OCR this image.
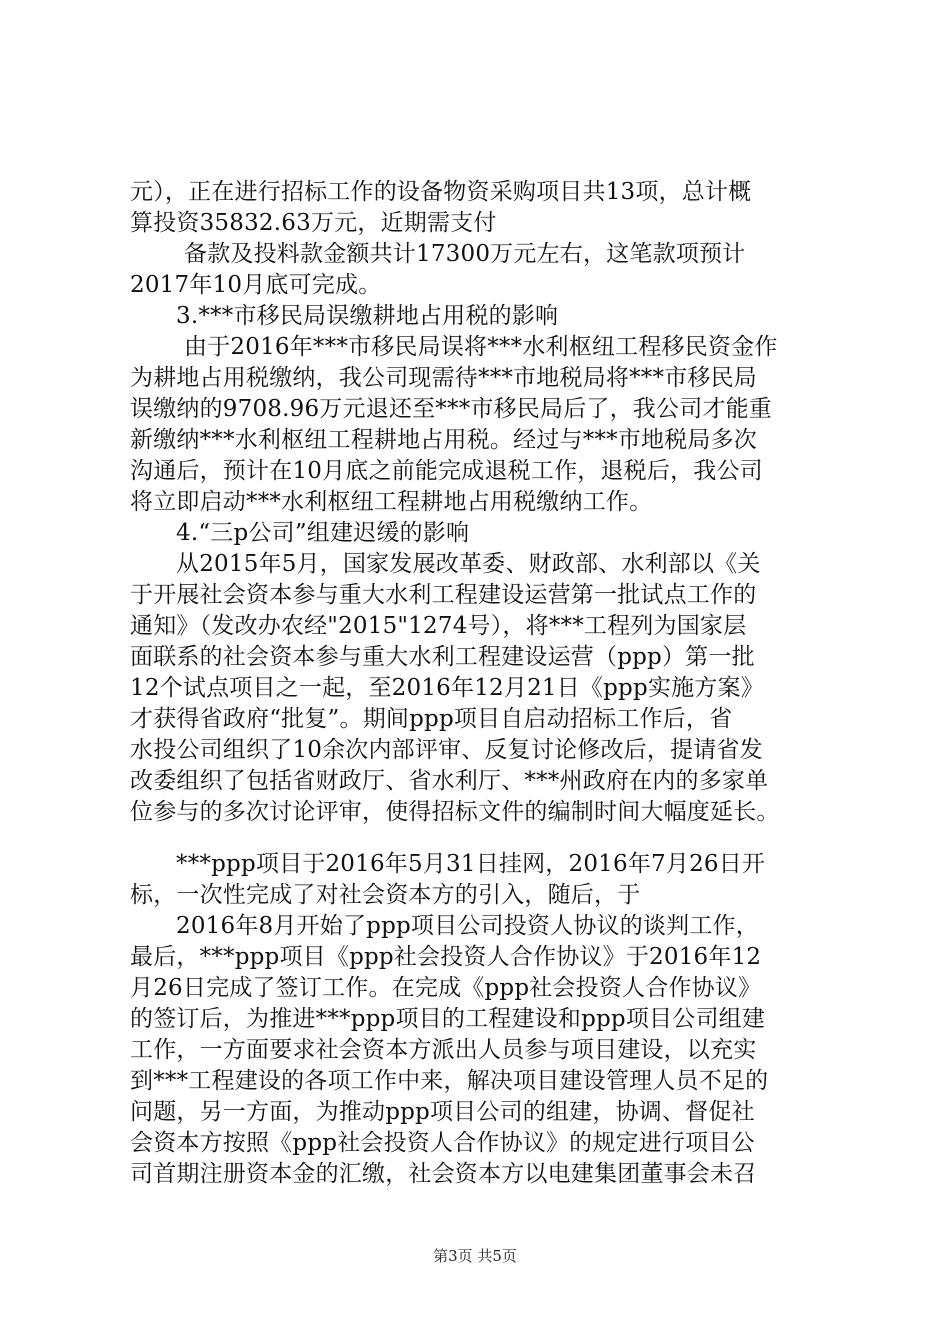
元），正在进行招标工作的设备物资采购项目共13项，总计概
算投资35832.63万元，近期需支付
备款及投料款金额共计17300万元左右，这笔款项预计
2017年10月底可完成。
3.***市移民局误缴耕地占用税的影响
由于2016年***市移民局误将***水利枢纽工程移民资金作
为耕地占用税缴纳，我公司现需待***市地税局将***市移民局
误缴纳的9708.96万元退还至***市移民局后了，我公司才能重
新缴纳***水利枢纽工程耕地占用税。经过与***市地税局多次
沟通后，预计在10月底之前能完成退税工作，退税后，我公司
将立即启动***水利枢纽工程耕地占用税缴纳工作。
4.“三p公司”组建迟缓的影响
从2015年5月，国家发展改革委、财政部、水利部以《关
于开展社会资本参与重大水利工程建设运营第一批试点工作的
通知》（发改办农经"2015"1274号），将***工程列为国家层
面联系的社会资本参与重大水利工程建设运营（ppp）第一批
12个试点项目之一起，至2016年12月21日《ppp实施方案》
才获得省政府“批复”。期间ppp项目自启动招标工作后，省
水投公司组织了10余次内部评审、反复讨论修改后，提请省发
改委组织了包括省财政厅、省水利厅、***州政府在内的多家单
位参与的多次讨论评审，使得招标文件的编制时间大幅度延长。
***ppp项目于2016年5月31日挂网，2016年7月26日开
标，一次性完成了对社会资本方的引入，随后，于
2016年8月开始了ppp项目公司投资人协议的谈判工作，
最后，***ppp项目《ppp社会投资人合作协议》于2016年12
月26日完成了签订工作。在完成《ppp社会投资人合作协议》
的签订后，为推进***ppp项目的工程建设和ppp项目公司组建
工作，一方面要求社会资本方派出人员参与项目建设，以充实
到***工程建设的各项工作中来，解决项目建设管理人员不足的
问题，另一方面，为推动ppp项目公司的组建，协调、督促社
会资本方按照《ppp社会投资人合作协议》的规定进行项目公
司首期注册资本金的汇缴，社会资本方以电建集团董事会未召
第3页 共5页
